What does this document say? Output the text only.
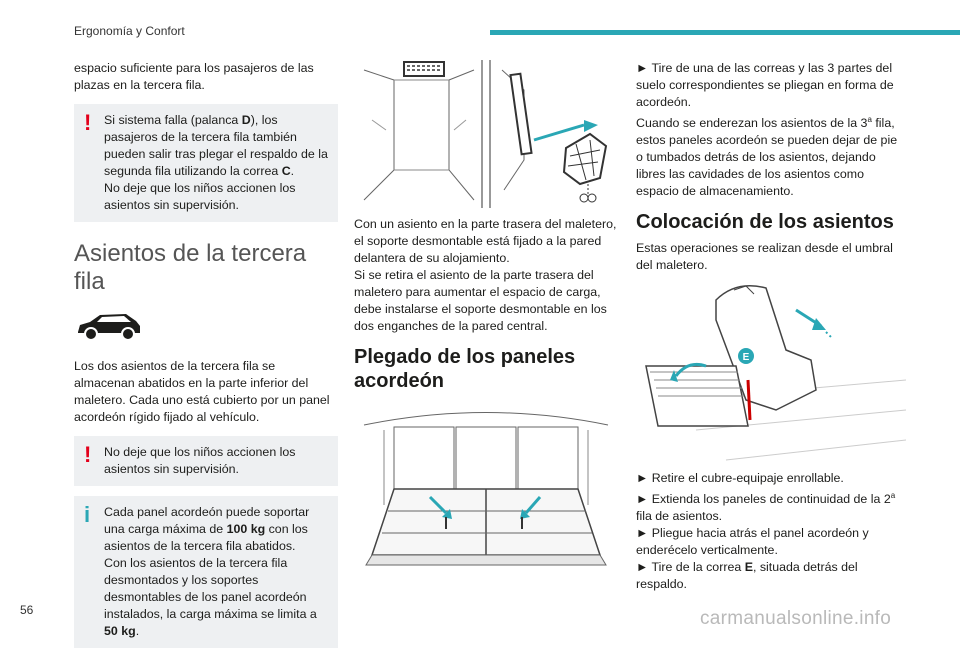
Ergonomía y Confort

espacio suficiente para los pasajeros de las plazas en la tercera fila.

! Si sistema falla (palanca D), los pasajeros de la tercera fila también pueden salir tras plegar el respaldo de la segunda fila utilizando la correa C.

No deje que los niños accionen los asientos sin supervisión.

Asientos de la tercera fila

Los dos asientos de la tercera fila se almacenan abatidos en la parte inferior del maletero. Cada uno está cubierto por un panel acordeón rígido fijado al vehículo.

! No deje que los niños accionen los asientos sin supervisión.

i Cada panel acordeón puede soportar una carga máxima de 100 kg con los asientos de la tercera fila abatidos.

Con los asientos de la tercera fila desmontados y los soportes desmontables de los panel acordeón instalados, la carga máxima se limita a 50 kg.

Con un asiento en la parte trasera del maletero, el soporte desmontable está fijado a la pared delantera de su alojamiento.

Si se retira el asiento de la parte trasera del maletero para aumentar el espacio de carga, debe instalarse el soporte desmontable en los dos enganches de la pared central.

Plegado de los paneles acordeón

► Tire de una de las correas y las 3 partes del suelo correspondientes se pliegan en forma de acordeón.

Cuando se enderezan los asientos de la 3$^a$ fila, estos paneles acordeón se pueden dejar de pie o tumbados detrás de los asientos, dejando libres las cavidades de los asientos como espacio de almacenamiento.

Colocación de los asientos

Estas operaciones se realizan desde el umbral del maletero.

E

► Retire el cubre-equipaje enrollable.

► Extienda los paneles de continuidad de la 2$^a$ fila de asientos.

► Pliegue hacia atrás el panel acordeón y enderécelo verticalmente.

► Tire de la correa E, situada detrás del respaldo.

56	carmanualsonline.info
